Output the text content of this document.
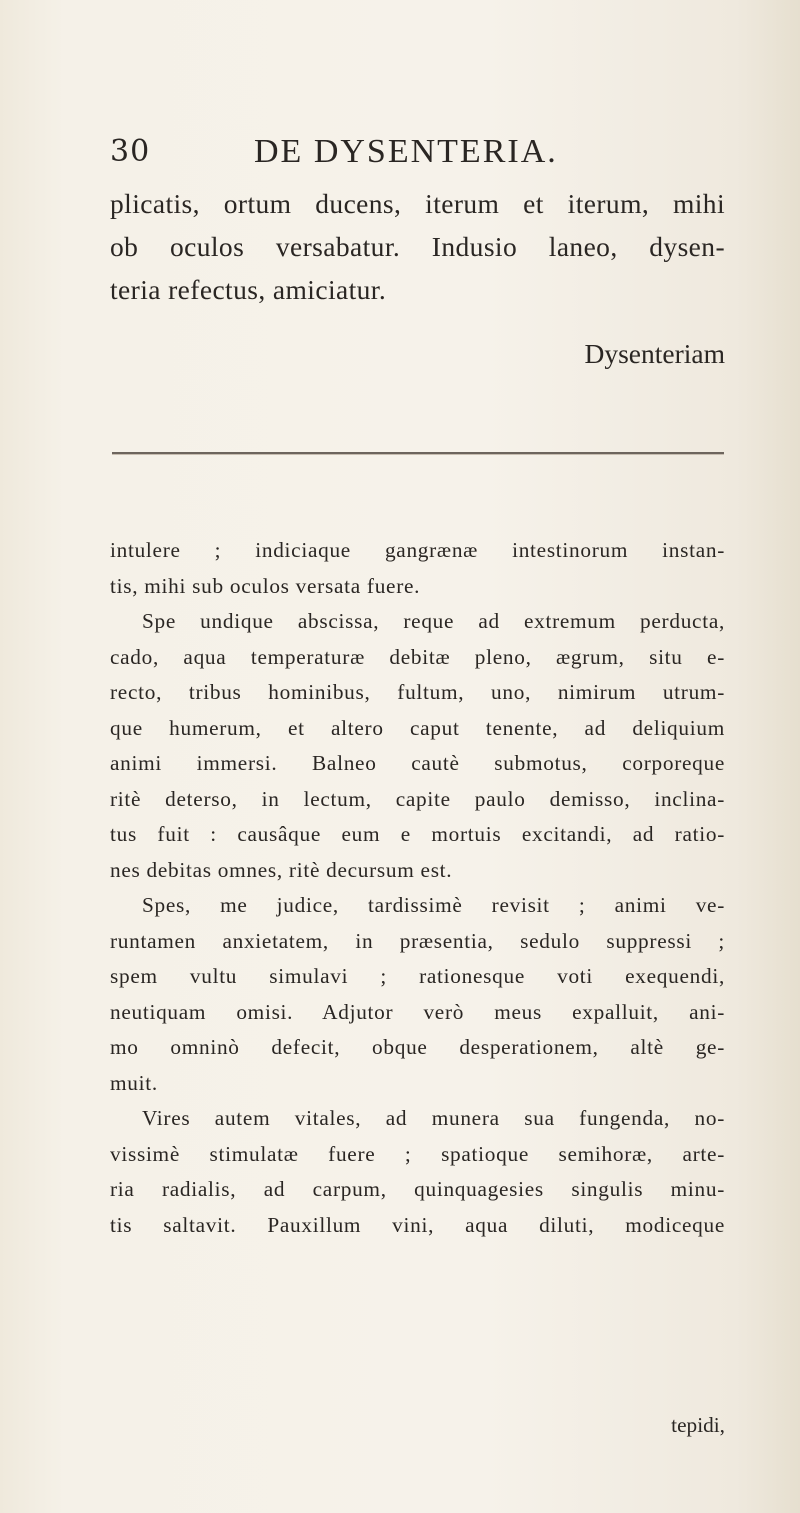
30	DE DYSENTERIA.
plicatis, ortum ducens, iterum et iterum, mihi
ob oculos versabatur. Indusio laneo, dysen-
teria refectus, amiciatur.
Dysenteriam
intulere ; indiciaque gangrænæ intestinorum instan-
tis, mihi sub oculos versata fuere.
Spe undique abscissa, reque ad extremum perducta,
cado, aqua temperaturæ debitæ pleno, ægrum, situ e-
recto, tribus hominibus, fultum, uno, nimirum utrum-
que humerum, et altero caput tenente, ad deliquium
animi immersi. Balneo cautè submotus, corporeque
ritè deterso, in lectum, capite paulo demisso, inclina-
tus fuit : causâque eum e mortuis excitandi, ad ratio-
nes debitas omnes, ritè decursum est.
Spes, me judice, tardissimè revisit ; animi ve-
runtamen anxietatem, in præsentia, sedulo suppressi ;
spem vultu simulavi ; rationesque voti exequendi,
neutiquam omisi. Adjutor verò meus expalluit, ani-
mo omninò defecit, obque desperationem, altè ge-
muit.
Vires autem vitales, ad munera sua fungenda, no-
vissimè stimulatæ fuere ; spatioque semihoræ, arte-
ria radialis, ad carpum, quinquagesies singulis minu-
tis saltavit. Pauxillum vini, aqua diluti, modiceque
tepidi,
